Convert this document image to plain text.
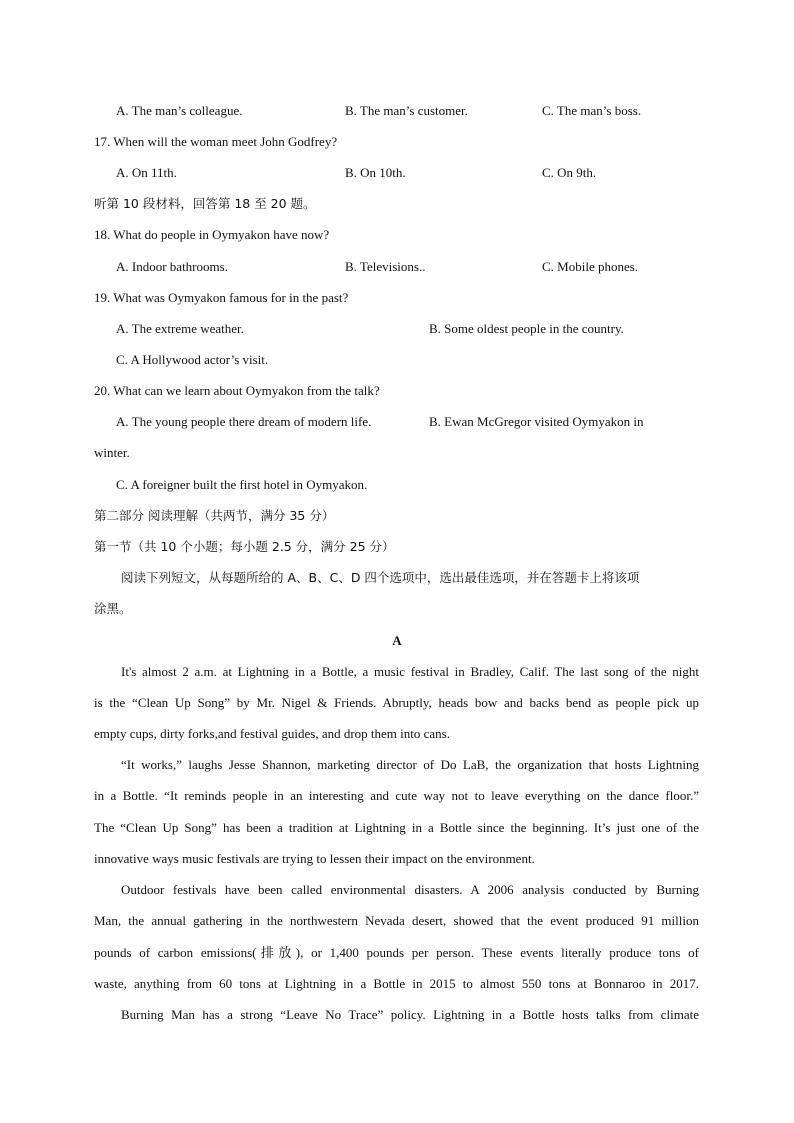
A. The man’s colleague.	B. The man’s customer.	C. The man’s boss.
17. When will the woman meet John Godfrey?
A. On 11th.	B. On 10th.	C. On 9th.
听第 10 段材料，回答第 18 至 20 题。
18. What do people in Oymyakon have now?
A. Indoor bathrooms.	B. Televisions..	C. Mobile phones.
19. What was Oymyakon famous for in the past?
A. The extreme weather.	B. Some oldest people in the country.
C. A Hollywood actor’s visit.
20. What can we learn about Oymyakon from the talk?
A. The young people there dream of modern life.	B. Ewan McGregor visited Oymyakon in
winter.
C. A foreigner built the first hotel in Oymyakon.
第二部分 阅读理解（共两节，满分 35 分）
第一节（共 10 个小题；每小题 2.5 分，满分 25 分）
阅读下列短文，从每题所给的 A、B、C、D 四个选项中，选出最佳选项，并在答题卡上将该项
涂黑。
A
It's almost 2 a.m. at Lightning in a Bottle, a music festival in Bradley, Calif. The last song of the night
is the “Clean Up Song” by Mr. Nigel & Friends. Abruptly, heads bow and backs bend as people pick up
empty cups, dirty forks,and festival guides, and drop them into cans.
“It works,” laughs Jesse Shannon, marketing director of Do LaB, the organization that hosts Lightning
in a Bottle. “It reminds people in an interesting and cute way not to leave everything on the dance floor.”
The “Clean Up Song” has been a tradition at Lightning in a Bottle since the beginning. It’s just one of the
innovative ways music festivals are trying to lessen their impact on the environment.
Outdoor festivals have been called environmental disasters. A 2006 analysis conducted by Burning
Man, the annual gathering in the northwestern Nevada desert, showed that the event produced 91 million
pounds of carbon emissions(排放), or 1,400 pounds per person. These events literally produce tons of
waste, anything from 60 tons at Lightning in a Bottle in 2015 to almost 550 tons at Bonnaroo in 2017.
Burning Man has a strong “Leave No Trace” policy. Lightning in a Bottle hosts talks from climate
